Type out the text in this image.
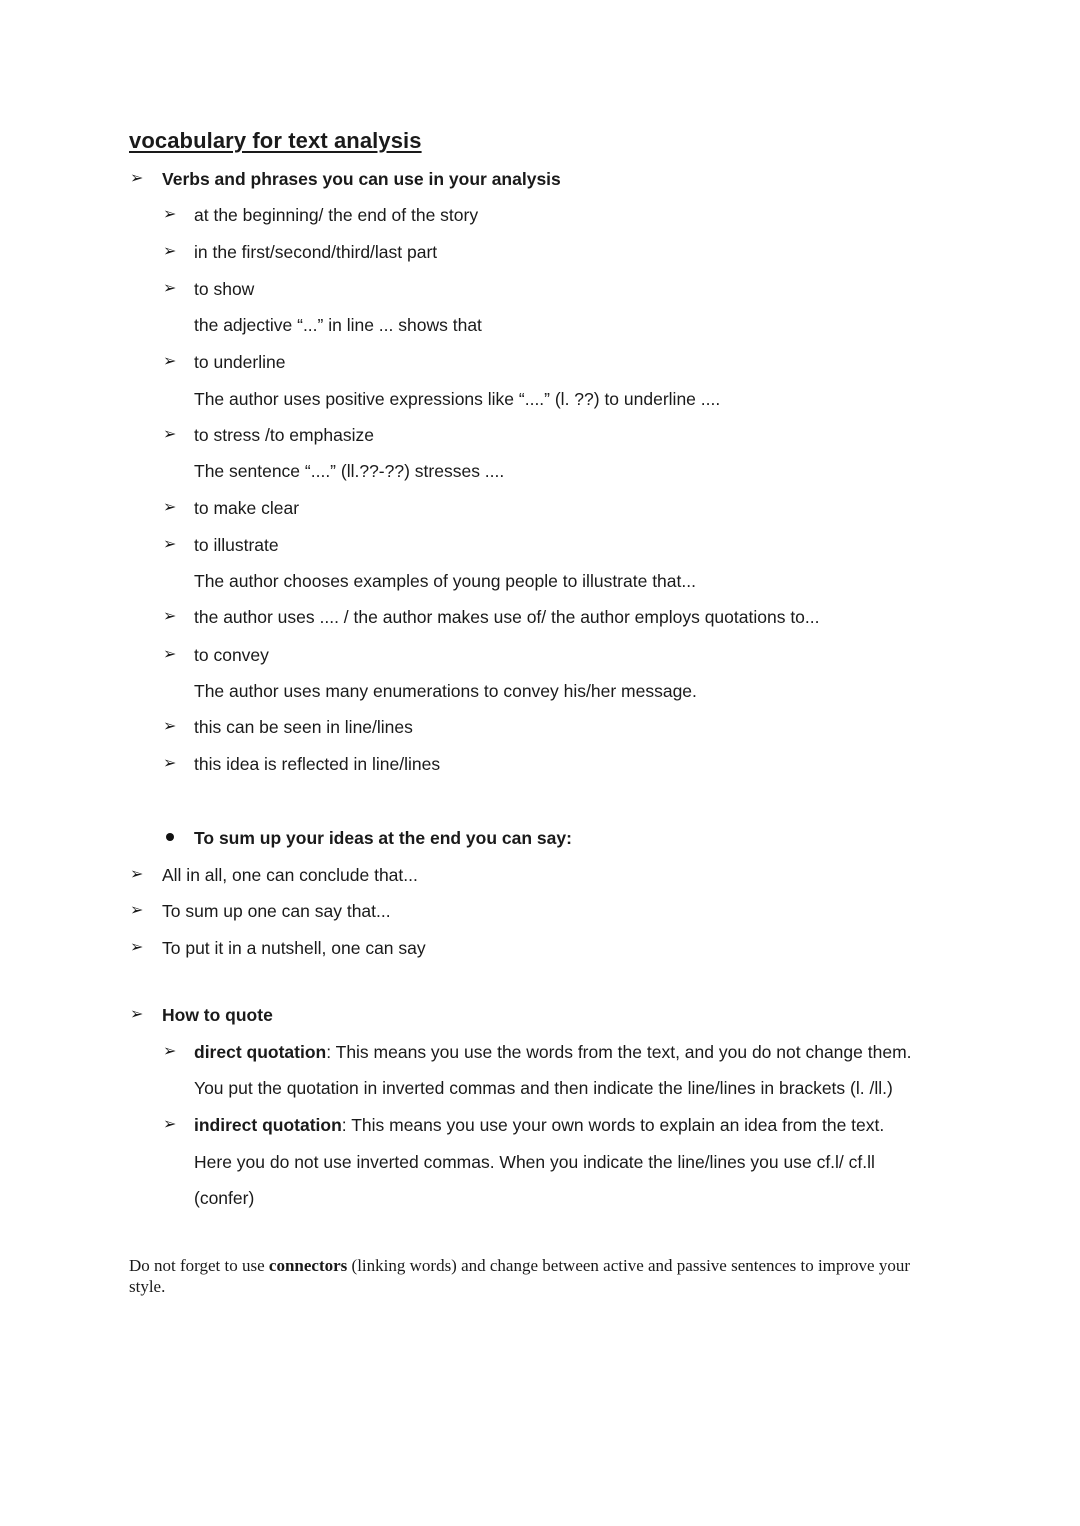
vocabulary for text analysis
➢ Verbs and phrases you can use in your analysis
➢ at the beginning/ the end of the story
➢ in the first/second/third/last part
➢ to show
the adjective “...” in line ... shows that
➢ to underline
The author uses positive expressions like “....” (l. ??) to underline ....
➢ to stress /to emphasize
The sentence “....” (ll.??-??) stresses ....
➢ to make clear
➢ to illustrate
The author chooses examples of young people to illustrate that...
➢ the author uses .... / the author makes use of/ the author employs quotations to...
➢ to convey
The author uses many enumerations to convey his/her message.
➢ this can be seen in line/lines
➢ this idea is reflected in line/lines
To sum up your ideas at the end you can say:
➢ All in all, one can conclude that...
➢ To sum up one can say that...
➢ To put it in a nutshell, one can say
➢ How to quote
➢ direct quotation: This means you use the words from the text, and you do not change them.
You put the quotation in inverted commas and then indicate the line/lines in brackets (l. /ll.)
➢ indirect quotation: This means you use your own words to explain an idea from the text.
Here you do not use inverted commas. When you indicate the line/lines you use cf.l/ cf.ll
(confer)
Do not forget to use connectors (linking words) and change between active and passive sentences to improve your style.
